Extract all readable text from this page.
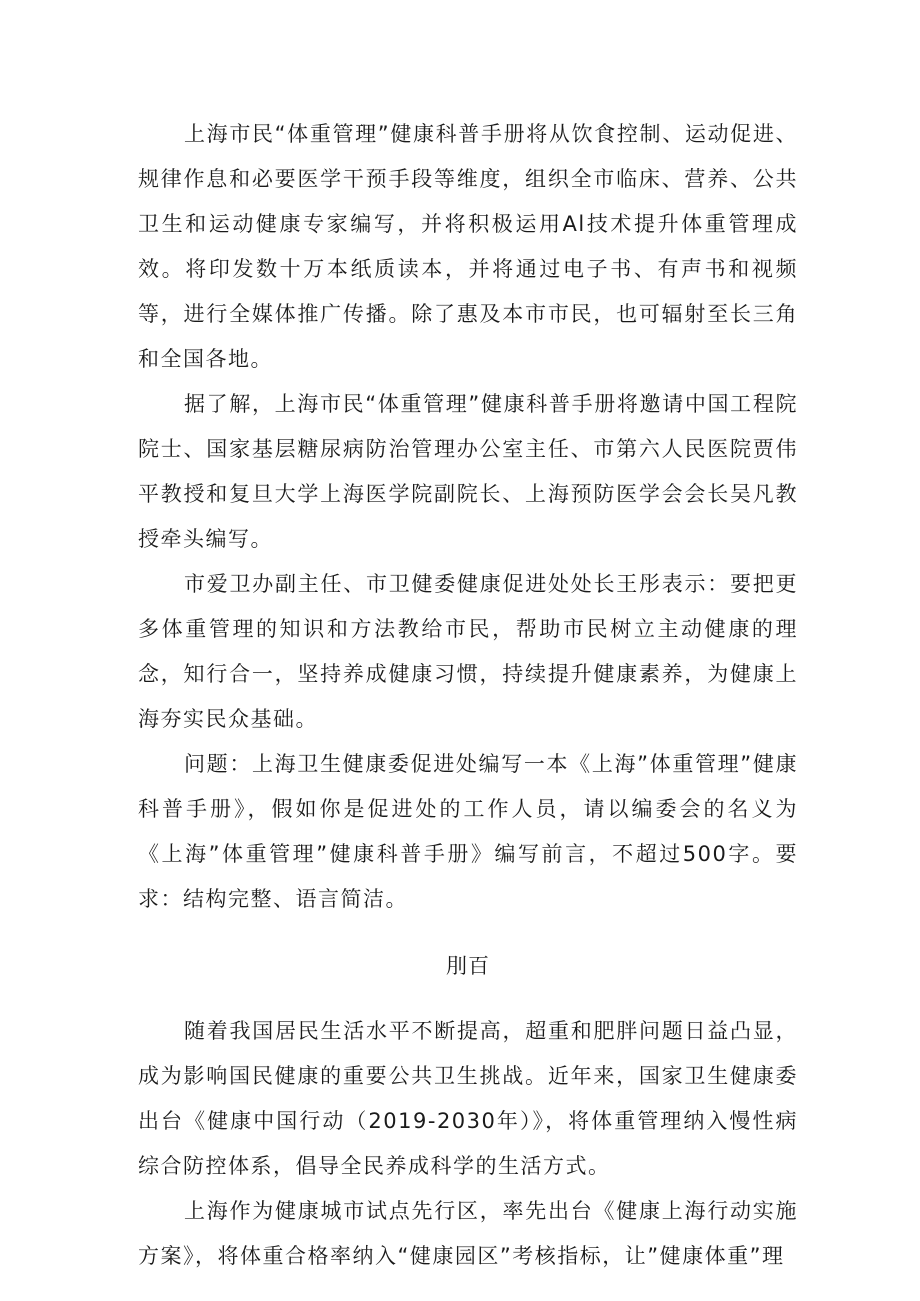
上海市民“体重管理”健康科普手册将从饮食控制、运动促进、规律作息和必要医学干预手段等维度，组织全市临床、营养、公共卫生和运动健康专家编写，并将积极运用Al技术提升体重管理成效。将印发数十万本纸质读本，并将通过电子书、有声书和视频等，进行全媒体推广传播。除了惠及本市市民，也可辐射至长三角和全国各地。

据了解，上海市民“体重管理”健康科普手册将邀请中国工程院院士、国家基层糖尿病防治管理办公室主任、市第六人民医院贾伟平教授和复旦大学上海医学院副院长、上海预防医学会会长吴凡教授牵头编写。

市爱卫办副主任、市卫健委健康促进处处长王彤表示：要把更多体重管理的知识和方法教给市民，帮助市民树立主动健康的理念，知行合一，坚持养成健康习惯，持续提升健康素养，为健康上海夯实民众基础。

问题：上海卫生健康委促进处编写一本《上海”体重管理”健康科普手册》，假如你是促进处的工作人员，请以编委会的名义为《上海”体重管理”健康科普手册》编写前言，不超过500字。要求：结构完整、语言简洁。

刖百

随着我国居民生活水平不断提高，超重和肥胖问题日益凸显，成为影响国民健康的重要公共卫生挑战。近年来，国家卫生健康委出台《健康中国行动（2019-2030年）》，将体重管理纳入慢性病综合防控体系，倡导全民养成科学的生活方式。

上海作为健康城市试点先行区，率先出台《健康上海行动实施方案》，将体重合格率纳入“健康园区”考核指标，让”健康体重”理
